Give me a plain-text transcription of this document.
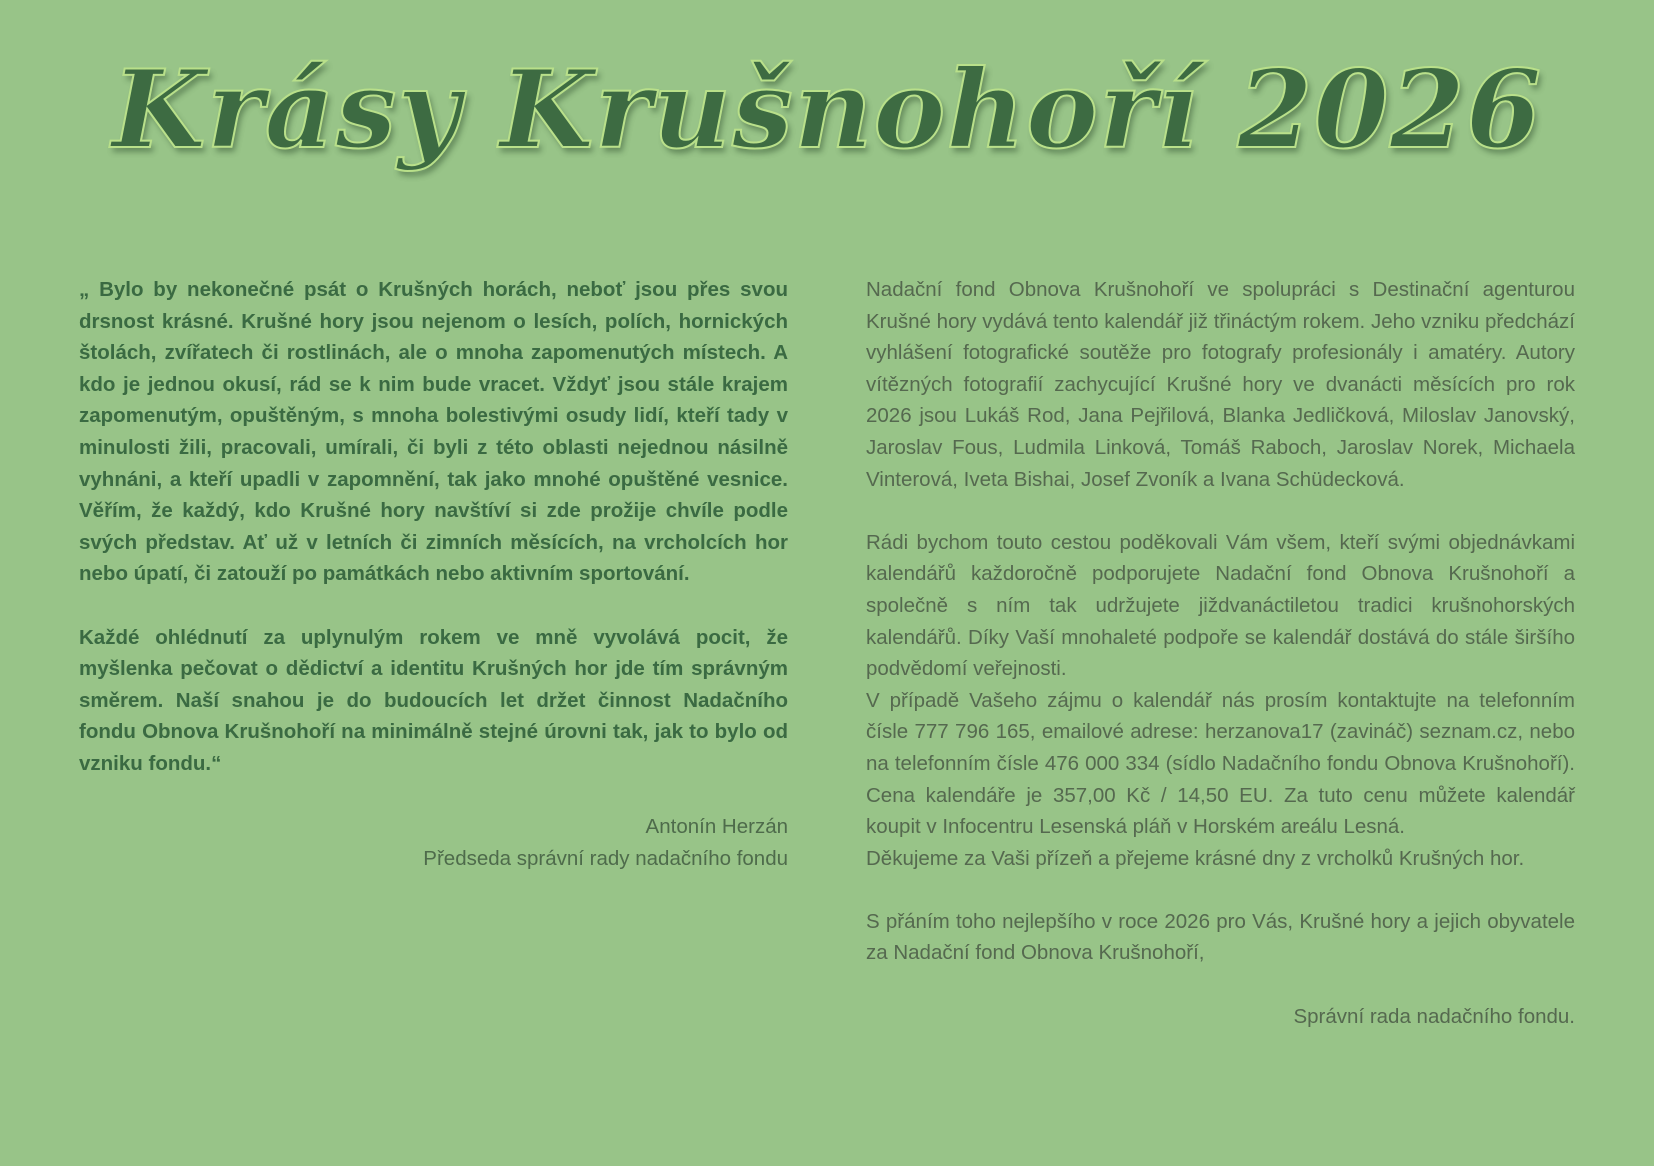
Krásy Krušnohoří 2026

„ Bylo by nekonečné psát o Krušných horách, neboť jsou přes svou drsnost krásné. Krušné hory jsou nejenom o lesích, polích, hornických štolách, zvířatech či rostlinách, ale o mnoha zapomenutých místech. A kdo je jednou okusí, rád se k nim bude vracet. Vždyť jsou stále krajem zapomenutým, opuštěným, s mnoha bolestivými osudy lidí, kteří tady v minulosti žili, pracovali, umírali, či byli z této oblasti nejednou násilně vyhnáni, a kteří upadli v zapomnění, tak jako mnohé opuštěné vesnice. Věřím, že každý, kdo Krušné hory navštíví si zde prožije chvíle podle svých představ. Ať už v letních či zimních měsících, na vrcholcích hor nebo úpatí, či zatouží po památkách nebo aktivním sportování.

Každé ohlédnutí za uplynulým rokem ve mně vyvolává pocit, že myšlenka pečovat o dědictví a identitu Krušných hor jde tím správným směrem. Naší snahou je do budoucích let držet činnost Nadačního fondu Obnova Krušnohoří na minimálně stejné úrovni tak, jak to bylo od vzniku fondu.“

Antonín Herzán
Předseda správní rady nadačního fondu

Nadační fond Obnova Krušnohoří ve spolupráci s Destinační agenturou Krušné hory vydává tento kalendář již třináctým rokem. Jeho vzniku předchází vyhlášení fotografické soutěže pro fotografy profesionály i amatéry. Autory vítězných fotografií zachycující Krušné hory ve dvanácti měsících pro rok 2026 jsou Lukáš Rod, Jana Pejřilová, Blanka Jedličková, Miloslav Janovský, Jaroslav Fous, Ludmila Linková, Tomáš Raboch, Jaroslav Norek, Michaela Vinterová, Iveta Bishai, Josef Zvoník a Ivana Schüdecková.

Rádi bychom touto cestou poděkovali Vám všem, kteří svými objednávkami kalendářů každoročně podporujete Nadační fond Obnova Krušnohoří a společně s ním tak udržujete jiždvanáctiletou tradici krušnohorských kalendářů. Díky Vaší mnohaleté podpoře se kalendář dostává do stále širšího podvědomí veřejnosti.

V případě Vašeho zájmu o kalendář nás prosím kontaktujte na telefonním čísle 777 796 165, emailové adrese: herzanova17 (zavináč) seznam.cz, nebo na telefonním čísle 476 000 334 (sídlo Nadačního fondu Obnova Krušnohoří). Cena kalendáře je 357,00 Kč / 14,50 EU. Za tuto cenu můžete kalendář koupit v Infocentru Lesenská pláň v Horském areálu Lesná.

Děkujeme za Vaši přízeň a přejeme krásné dny z vrcholků Krušných hor.

S přáním toho nejlepšího v roce 2026 pro Vás, Krušné hory a jejich obyvatele za Nadační fond Obnova Krušnohoří,

Správní rada nadačního fondu.
